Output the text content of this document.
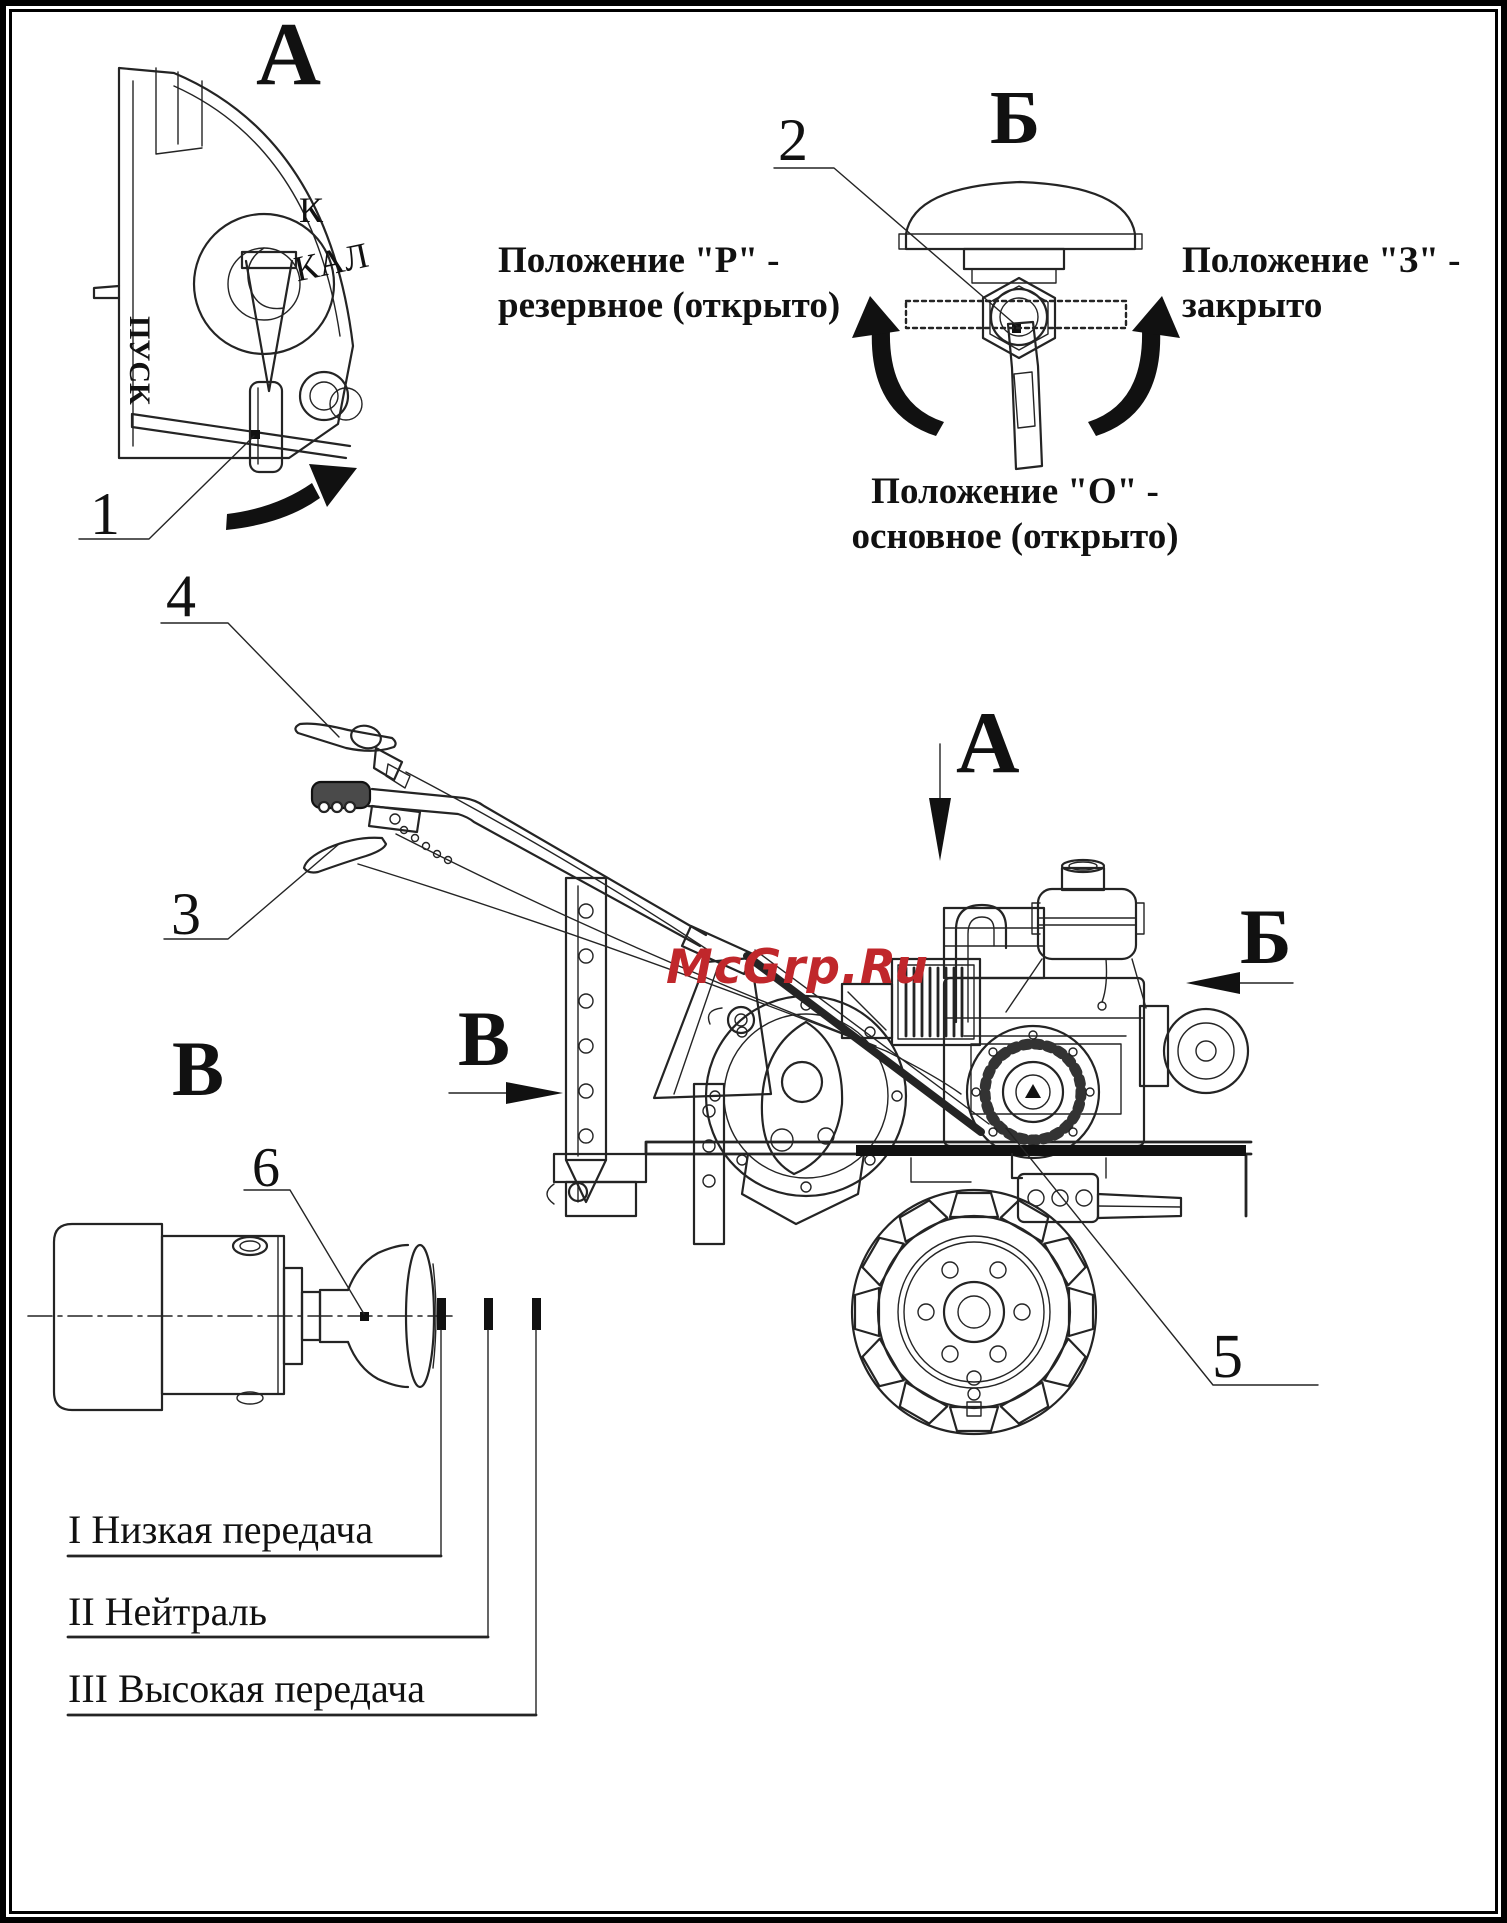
А
ПУСК
К
КАЛ
1
Б
2
Положение "Р" -
резервное (открыто)
Положение "З" -
закрыто
Положение "О" -
основное (открыто)
4
3
А
Б
5
McGrp.Ru
В	В
6
I Низкая передача
II Нейтраль
III Высокая передача
